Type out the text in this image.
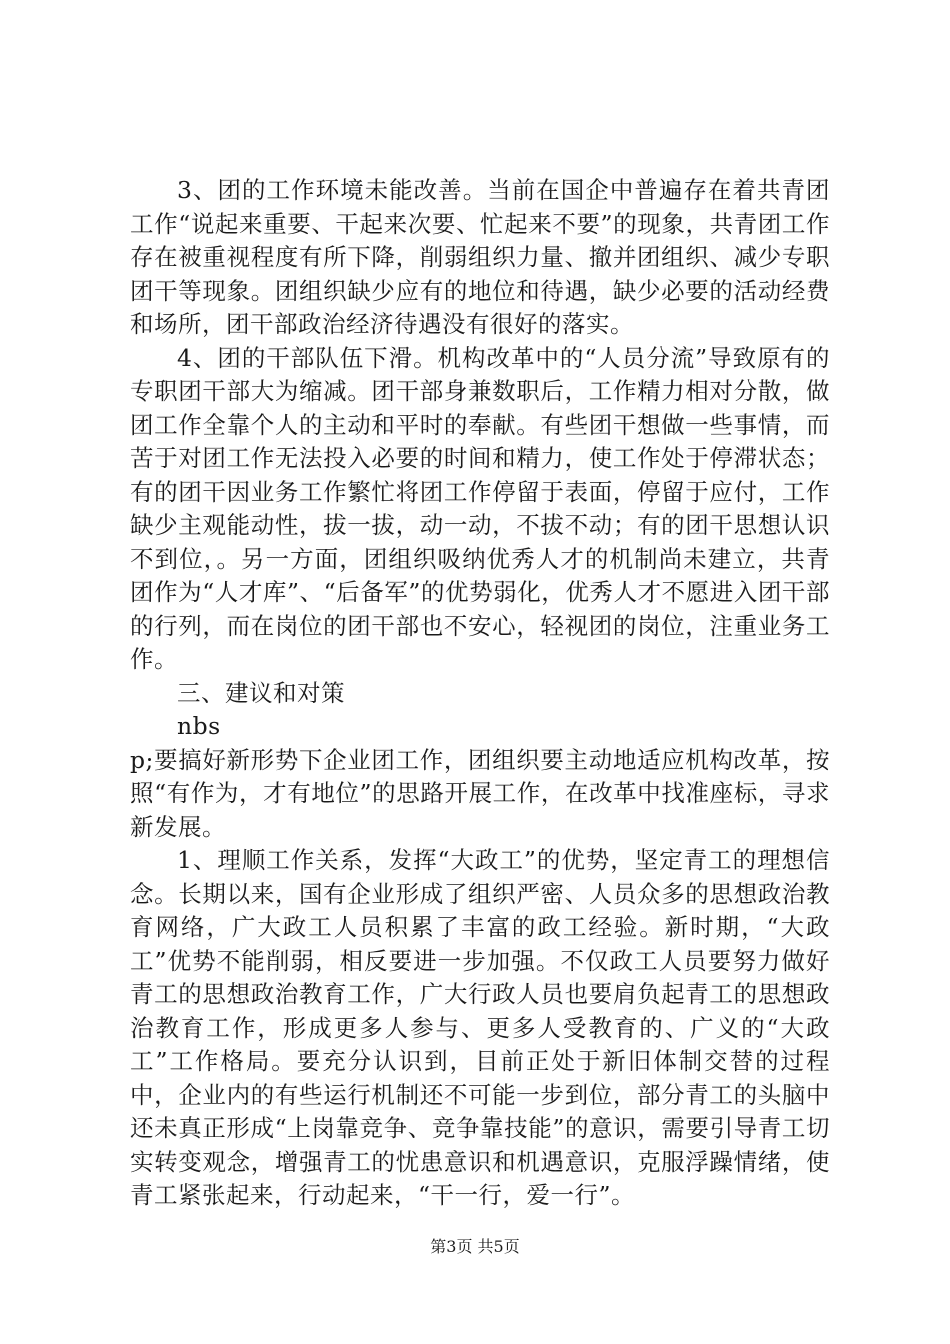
3、团的工作环境未能改善。当前在国企中普遍存在着共青团工作“说起来重要、干起来次要、忙起来不要”的现象，共青团工作存在被重视程度有所下降，削弱组织力量、撤并团组织、减少专职团干等现象。团组织缺少应有的地位和待遇，缺少必要的活动经费和场所，团干部政治经济待遇没有很好的落实。

4、团的干部队伍下滑。机构改革中的“人员分流”导致原有的专职团干部大为缩减。团干部身兼数职后，工作精力相对分散，做团工作全靠个人的主动和平时的奉献。有些团干想做一些事情，而苦于对团工作无法投入必要的时间和精力，使工作处于停滞状态；有的团干因业务工作繁忙将团工作停留于表面，停留于应付，工作缺少主观能动性，拔一拔，动一动，不拔不动；有的团干思想认识不到位，。另一方面，团组织吸纳优秀人才的机制尚未建立，共青团作为“人才库”、“后备军”的优势弱化，优秀人才不愿进入团干部的行列，而在岗位的团干部也不安心，轻视团的岗位，注重业务工作。

三、建议和对策

nbs

p;要搞好新形势下企业团工作，团组织要主动地适应机构改革，按照“有作为，才有地位”的思路开展工作，在改革中找准座标，寻求新发展。

1、理顺工作关系，发挥“大政工”的优势，坚定青工的理想信念。长期以来，国有企业形成了组织严密、人员众多的思想政治教育网络，广大政工人员积累了丰富的政工经验。新时期，“大政工”优势不能削弱，相反要进一步加强。不仅政工人员要努力做好青工的思想政治教育工作，广大行政人员也要肩负起青工的思想政治教育工作，形成更多人参与、更多人受教育的、广义的“大政工”工作格局。要充分认识到，目前正处于新旧体制交替的过程中，企业内的有些运行机制还不可能一步到位，部分青工的头脑中还未真正形成“上岗靠竞争、竞争靠技能”的意识，需要引导青工切实转变观念，增强青工的忧患意识和机遇意识，克服浮躁情绪，使青工紧张起来，行动起来，“干一行，爱一行”。

第3页 共5页
